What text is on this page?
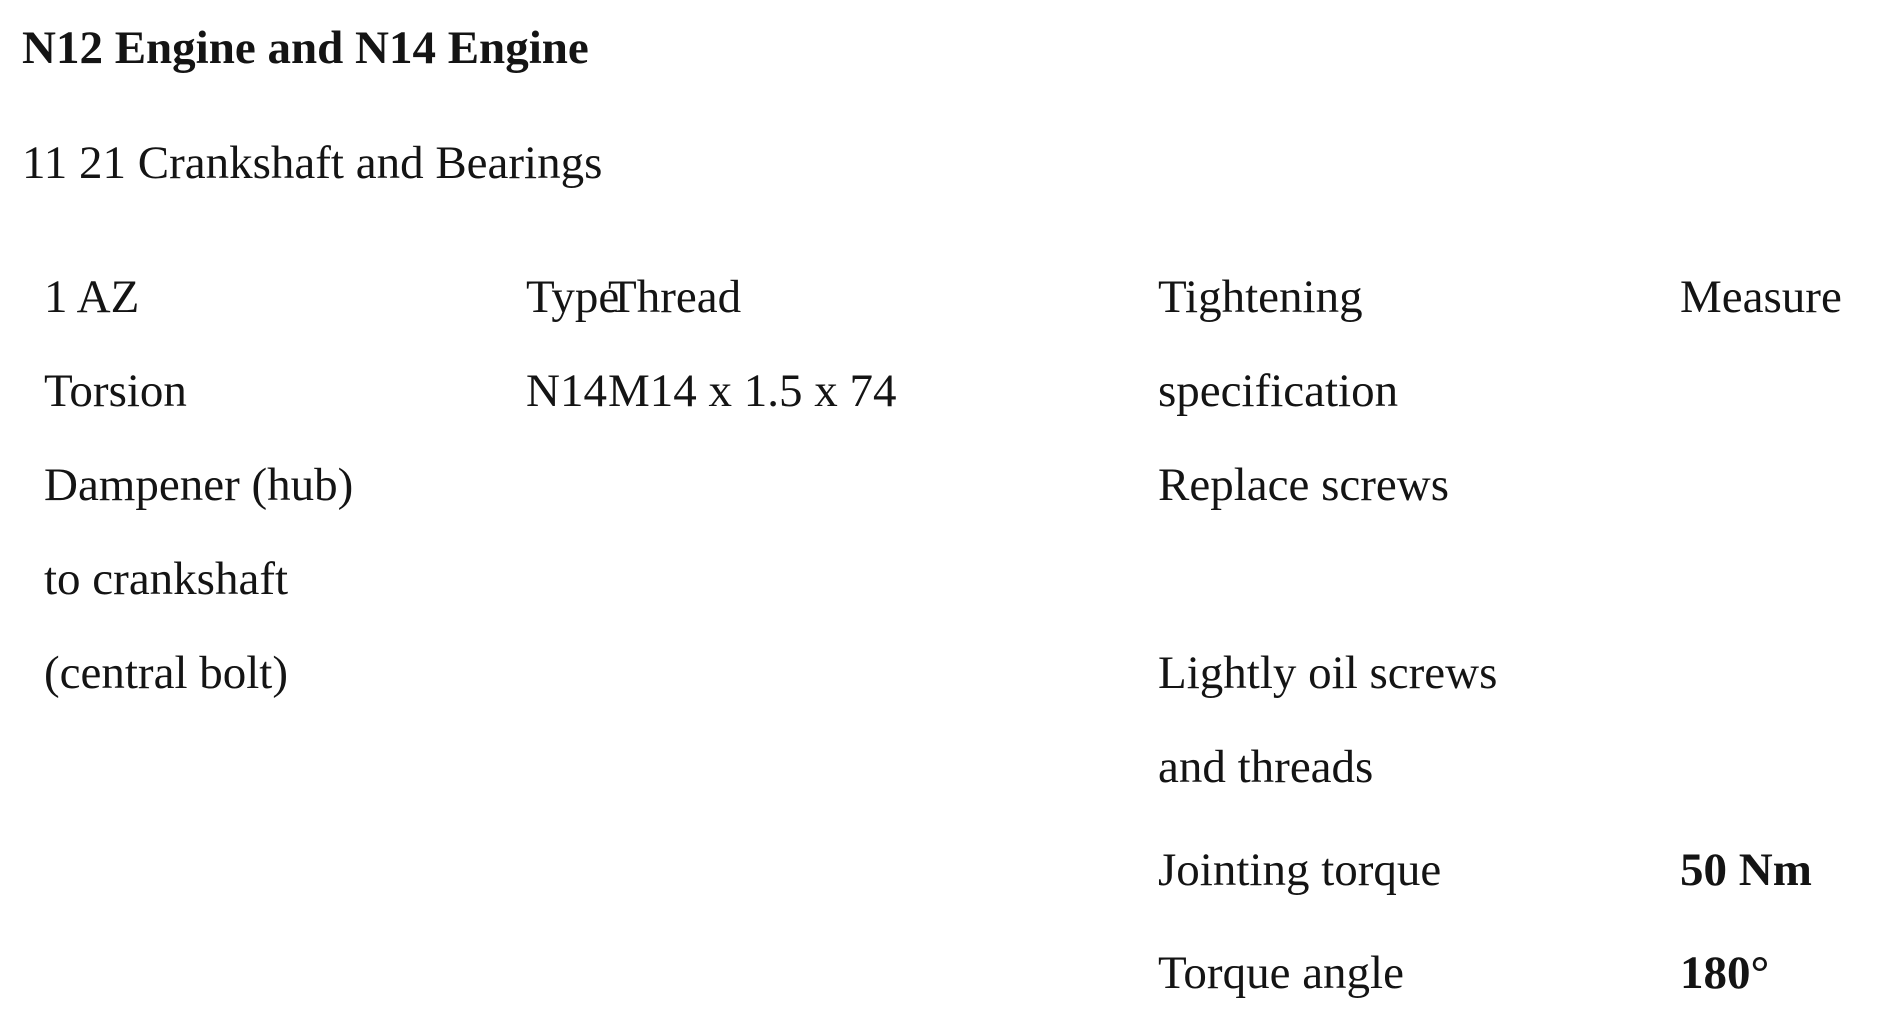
N12 Engine and N14 Engine
11 21 Crankshaft and Bearings
1 AZ
Torsion
Dampener (hub)
to crankshaft
(central bolt)
Type
N14
Thread
M14 x 1.5 x 74
Tightening
specification
Replace screws
Lightly oil screws
and threads
Jointing torque
Torque angle
Measure
50 Nm
180°
